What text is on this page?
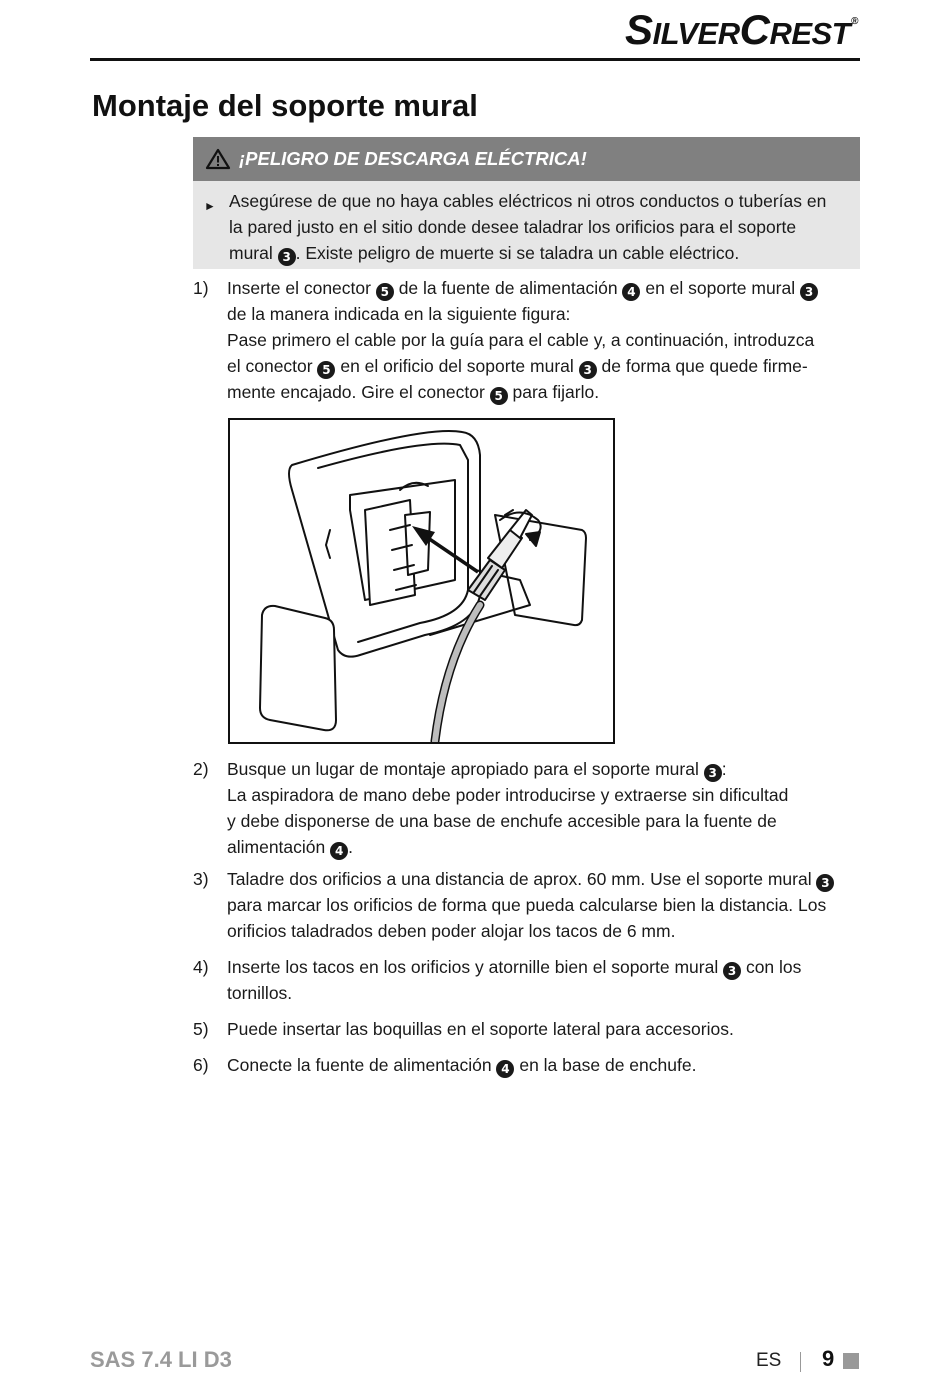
SILVERCREST®
Montaje del soporte mural
¡PELIGRO DE DESCARGA ELÉCTRICA!
► Asegúrese de que no haya cables eléctricos ni otros conductos o tuberías en
la pared justo en el sitio donde desee taladrar los orificios para el soporte
mural 3 . Existe peligro de muerte si se taladra un cable eléctrico.
1) Inserte el conector 5 de la fuente de alimentación 4 en el soporte mural 3
de la manera indicada en la siguiente figura:
Pase primero el cable por la guía para el cable y, a continuación, introduzca
el conector 5 en el orificio del soporte mural 3 de forma que quede firme-
mente encajado. Gire el conector 5 para fijarlo.
2) Busque un lugar de montaje apropiado para el soporte mural 3 :
La aspiradora de mano debe poder introducirse y extraerse sin dificultad
y debe disponerse de una base de enchufe accesible para la fuente de
alimentación 4 .
3) Taladre dos orificios a una distancia de aprox. 60 mm. Use el soporte mural 3
para marcar los orificios de forma que pueda calcularse bien la distancia. Los
orificios taladrados deben poder alojar los tacos de 6 mm.
4) Inserte los tacos en los orificios y atornille bien el soporte mural 3 con los
tornillos.
5) Puede insertar las boquillas en el soporte lateral para accesorios.
6) Conecte la fuente de alimentación 4 en la base de enchufe.
SAS 7.4 LI D3	ES 9
